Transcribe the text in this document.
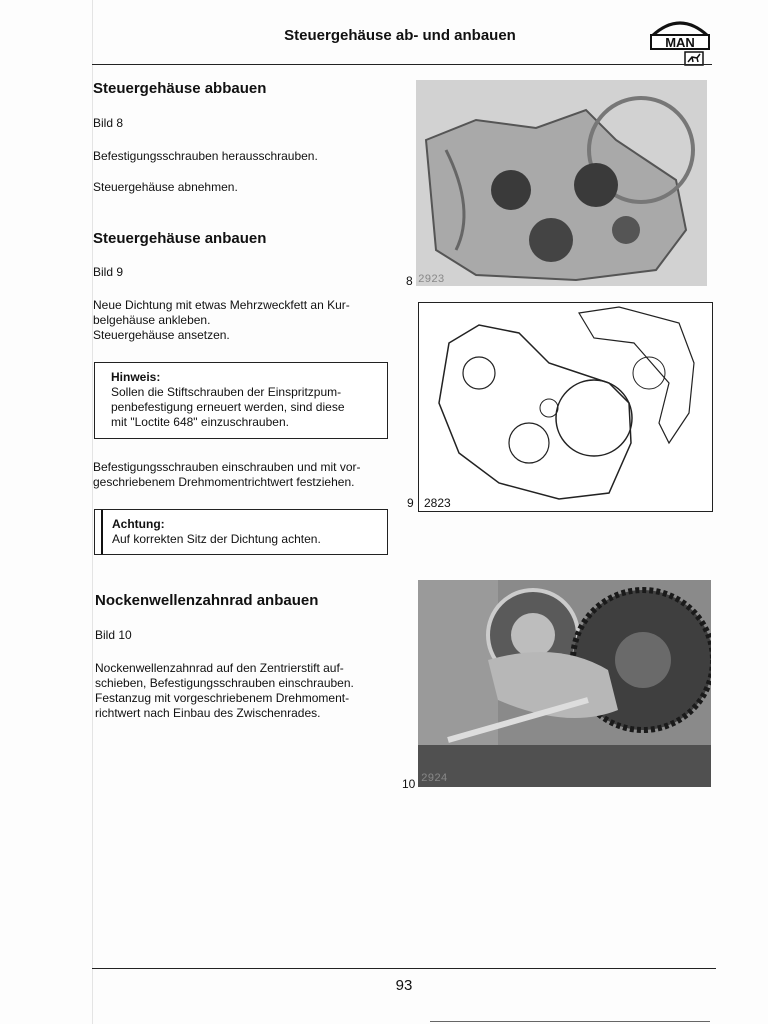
Steuergehäuse ab- und anbauen	MAN
Steuergehäuse abbauen

Bild 8

Befestigungsschrauben herausschrauben.

Steuergehäuse abnehmen.

Steuergehäuse anbauen

Bild 9

Neue Dichtung mit etwas Mehrzweckfett an Kur-

belgehäuse ankleben.

Steuergehäuse ansetzen.

Hinweis:
Sollen die Stiftschrauben der Einspritzpum-
penbefestigung erneuert werden, sind diese
mit "Loctite 648" einzuschrauben.

Befestigungsschrauben einschrauben und mit vor-

geschriebenem Drehmomentrichtwert festziehen.

Achtung:
Auf korrekten Sitz der Dichtung achten.
Nockenwellenzahnrad anbauen

Bild 10

Nockenwellenzahnrad auf den Zentrierstift auf-

schieben, Befestigungsschrauben einschrauben.

Festanzug mit vorgeschriebenem Drehmoment-

richtwert nach Einbau des Zwischenrades.

8 2923
9 2823
10 2924
93
